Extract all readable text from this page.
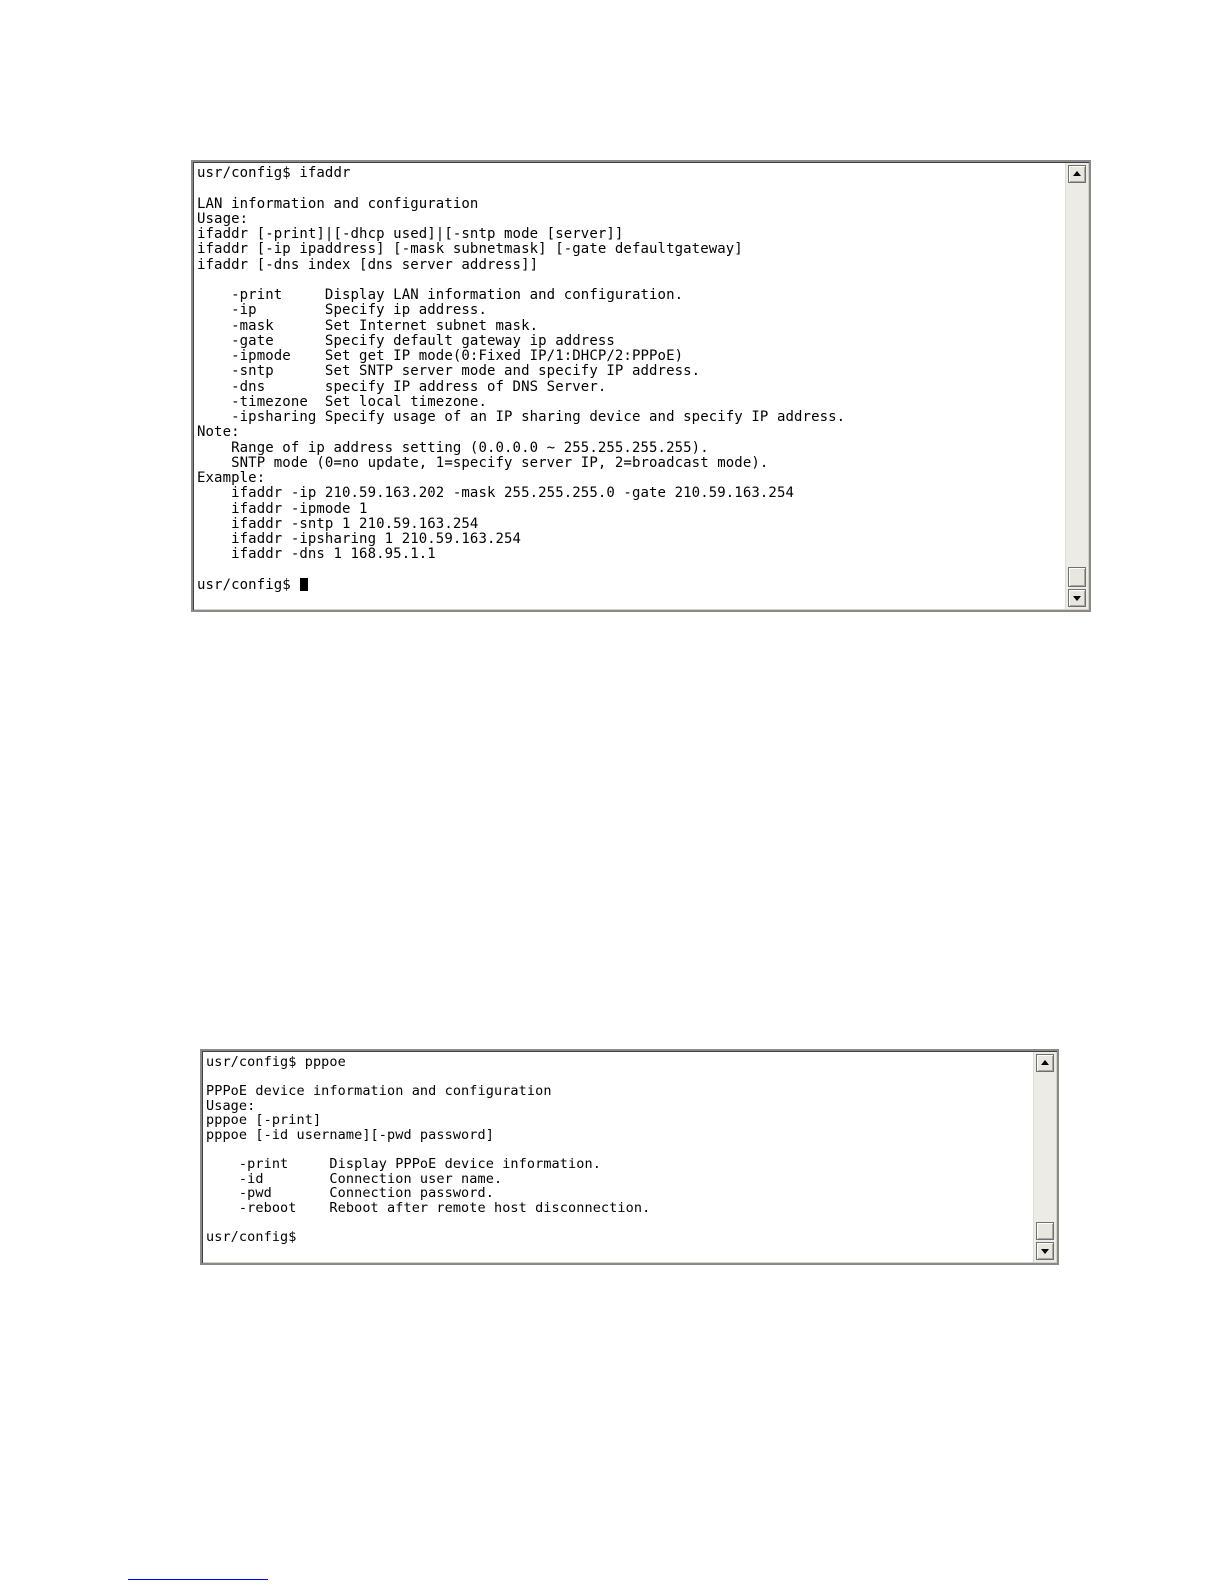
usr/config$ ifaddr
LAN information and configuration
Usage:
ifaddr [-print]|[-dhcp used]|[-sntp mode [server]]
ifaddr [-ip ipaddress] [-mask subnetmask] [-gate defaultgateway]
ifaddr [-dns index [dns server address]]
-print     Display LAN information and configuration.
-ip        Specify ip address.
-mask      Set Internet subnet mask.
-gate      Specify default gateway ip address
-ipmode    Set get IP mode(0:Fixed IP/1:DHCP/2:PPPoE)
-sntp      Set SNTP server mode and specify IP address.
-dns       specify IP address of DNS Server.
-timezone  Set local timezone.
-ipsharing Specify usage of an IP sharing device and specify IP address.
Note:
Range of ip address setting (0.0.0.0 ~ 255.255.255.255).
SNTP mode (0=no update, 1=specify server IP, 2=broadcast mode).
Example:
ifaddr -ip 210.59.163.202 -mask 255.255.255.0 -gate 210.59.163.254
ifaddr -ipmode 1
ifaddr -sntp 1 210.59.163.254
ifaddr -ipsharing 1 210.59.163.254
ifaddr -dns 1 168.95.1.1
usr/config$
usr/config$ pppoe
PPPoE device information and configuration
Usage:
pppoe [-print]
pppoe [-id username][-pwd password]
-print     Display PPPoE device information.
-id        Connection user name.
-pwd       Connection password.
-reboot    Reboot after remote host disconnection.
usr/config$
